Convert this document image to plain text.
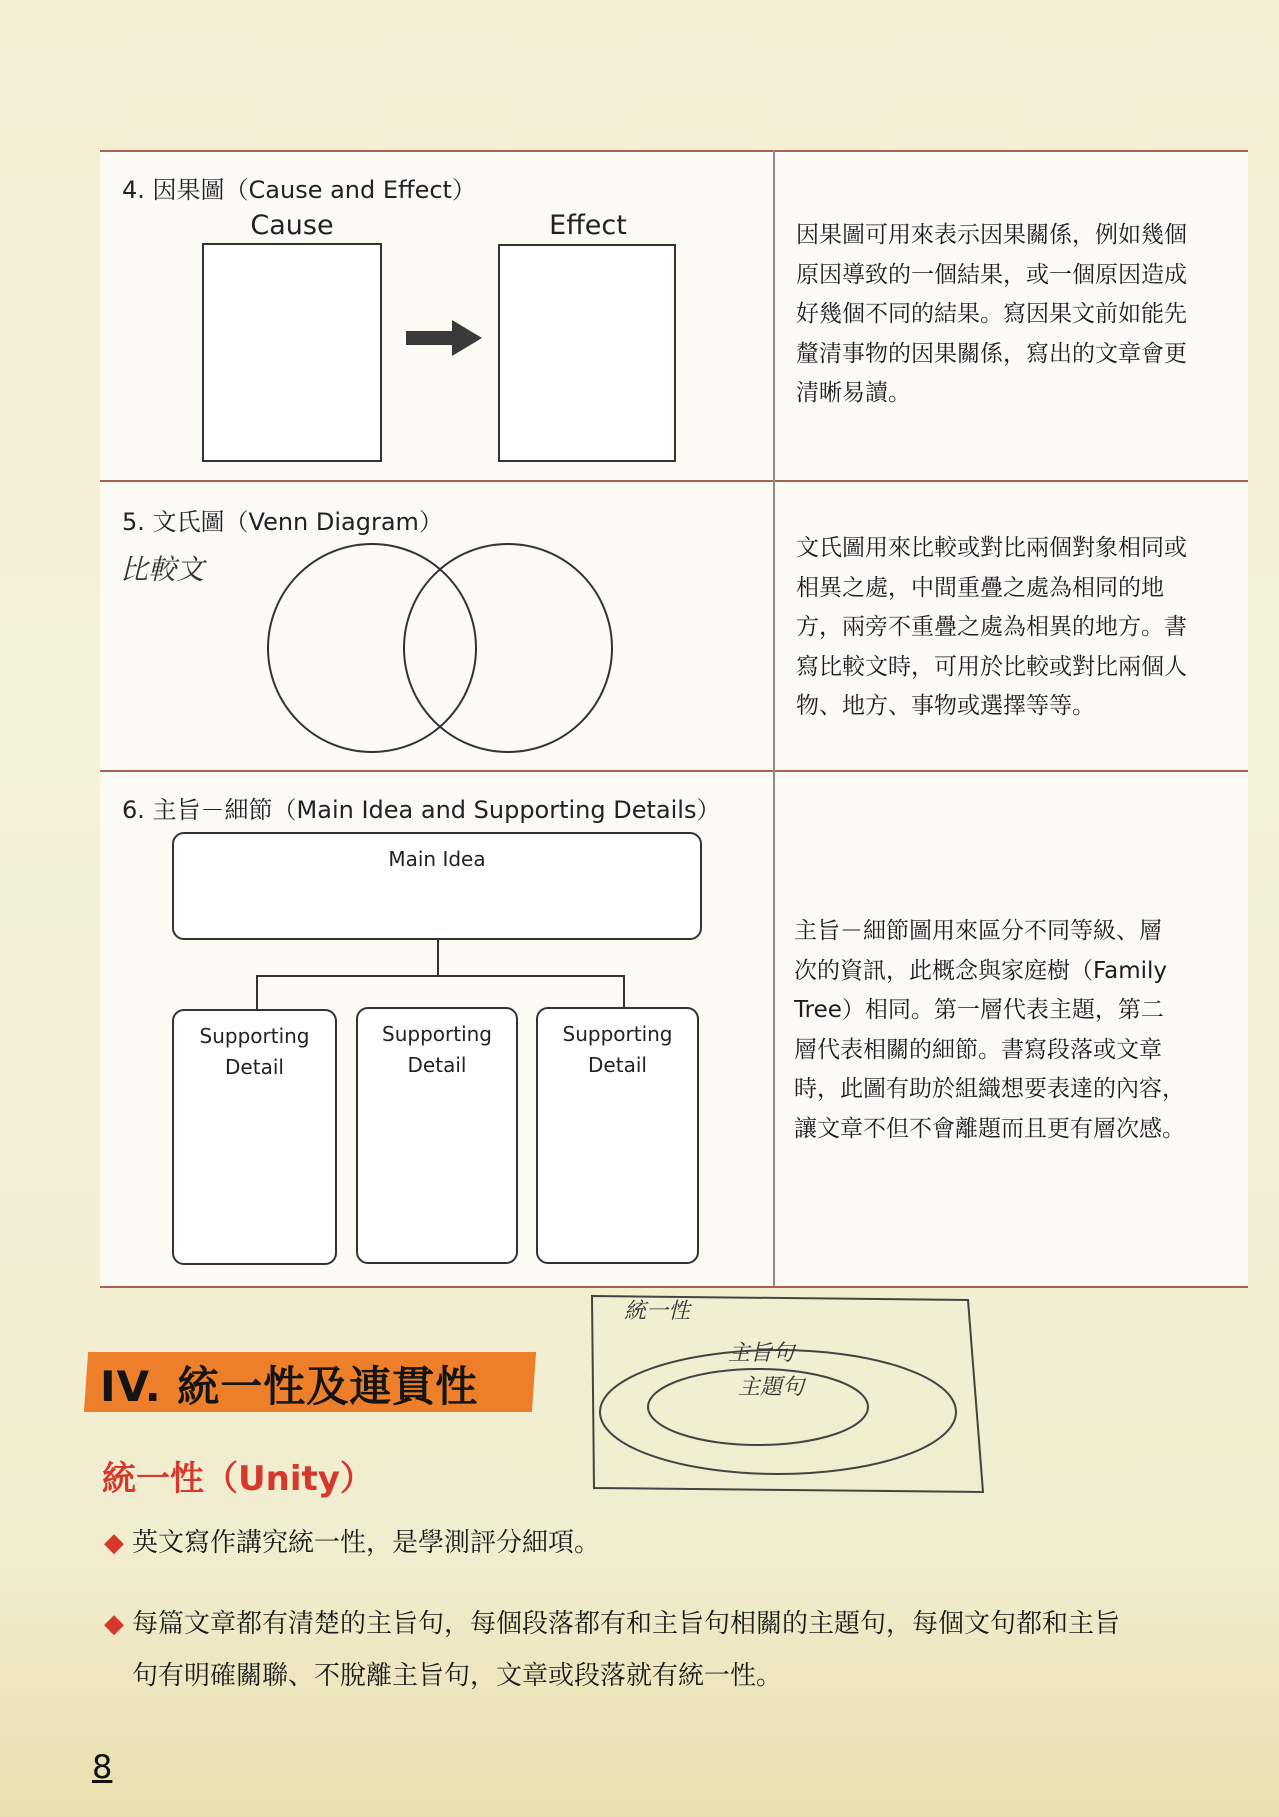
4. 因果圖（Cause and Effect）
Cause	Effect	因果圖可用來表示因果關係，例如幾個
原因導致的一個結果，或一個原因造成
好幾個不同的結果。寫因果文前如能先
釐清事物的因果關係，寫出的文章會更
清晰易讀。
5. 文氏圖（Venn Diagram）
比較文
文氏圖用來比較或對比兩個對象相同或
相異之處，中間重疊之處為相同的地
方，兩旁不重疊之處為相異的地方。書
寫比較文時，可用於比較或對比兩個人
物、地方、事物或選擇等等。
6. 主旨－細節（Main Idea and Supporting Details）
Main Idea
Supporting
Detail
Supporting
Detail
Supporting
Detail
主旨－細節圖用來區分不同等級、層
次的資訊，此概念與家庭樹（Family
Tree）相同。第一層代表主題，第二
層代表相關的細節。書寫段落或文章
時，此圖有助於組織想要表達的內容，
讓文章不但不會離題而且更有層次感。
IV. 統一性及連貫性
統一性（Unity）
統一性
主旨句
主題句
◆ 英文寫作講究統一性，是學測評分細項。
◆ 每篇文章都有清楚的主旨句，每個段落都有和主旨句相關的主題句，每個文句都和主旨
句有明確關聯、不脫離主旨句，文章或段落就有統一性。
8
